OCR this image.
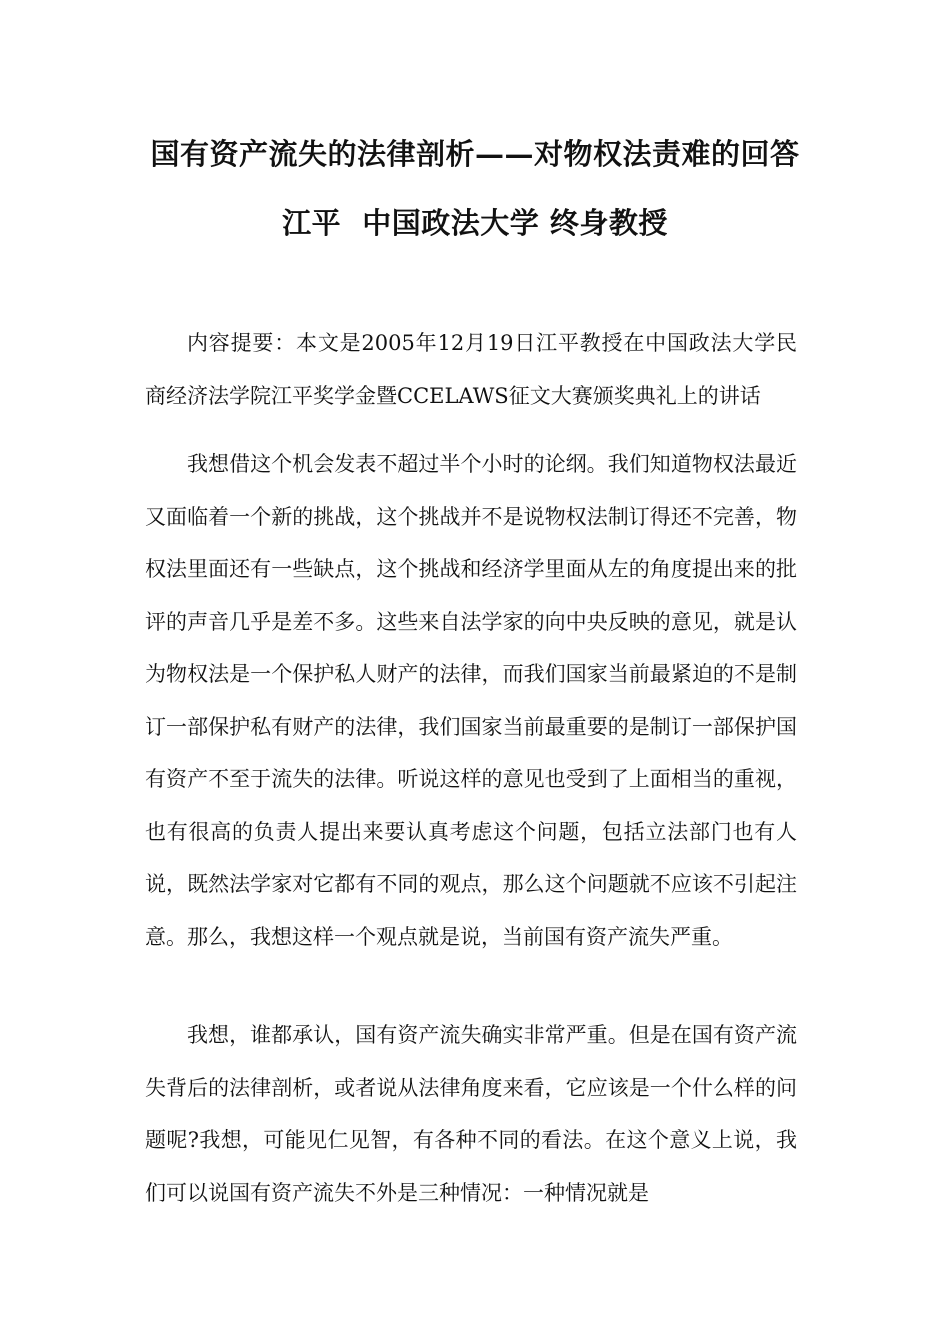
国有资产流失的法律剖析——对物权法责难的回答
江平  中国政法大学 终身教授

内容提要：本文是2005年12月19日江平教授在中国政法大学民商经济法学院江平奖学金暨CCELAWS征文大赛颁奖典礼上的讲话

我想借这个机会发表不超过半个小时的论纲。我们知道物权法最近又面临着一个新的挑战，这个挑战并不是说物权法制订得还不完善，物权法里面还有一些缺点，这个挑战和经济学里面从左的角度提出来的批评的声音几乎是差不多。这些来自法学家的向中央反映的意见，就是认为物权法是一个保护私人财产的法律，而我们国家当前最紧迫的不是制订一部保护私有财产的法律，我们国家当前最重要的是制订一部保护国有资产不至于流失的法律。听说这样的意见也受到了上面相当的重视，也有很高的负责人提出来要认真考虑这个问题，包括立法部门也有人说，既然法学家对它都有不同的观点，那么这个问题就不应该不引起注意。那么，我想这样一个观点就是说，当前国有资产流失严重。

我想，谁都承认，国有资产流失确实非常严重。但是在国有资产流失背后的法律剖析，或者说从法律角度来看，它应该是一个什么样的问题呢?我想，可能见仁见智，有各种不同的看法。在这个意义上说，我们可以说国有资产流失不外是三种情况：一种情况就是
